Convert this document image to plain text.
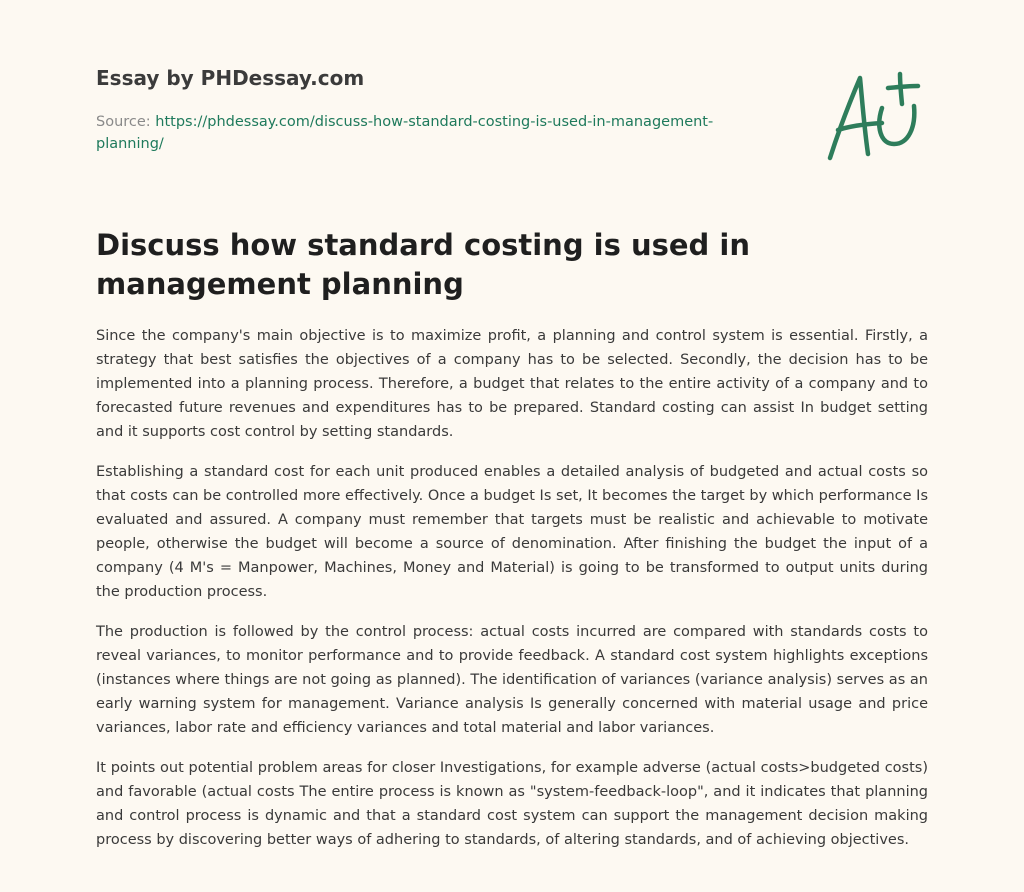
Essay by PHDessay.com
Source: https://phdessay.com/discuss-how-standard-costing-is-used-in-management-planning/
Discuss how standard costing is used in management planning

Since the company's main objective is to maximize profit, a planning and control system is essential. Firstly, a strategy that best satisfies the objectives of a company has to be selected. Secondly, the decision has to be implemented into a planning process. Therefore, a budget that relates to the entire activity of a company and to forecasted future revenues and expenditures has to be prepared. Standard costing can assist In budget setting and it supports cost control by setting standards.

Establishing a standard cost for each unit produced enables a detailed analysis of budgeted and actual costs so that costs can be controlled more effectively. Once a budget Is set, It becomes the target by which performance Is evaluated and assured. A company must remember that targets must be realistic and achievable to motivate people, otherwise the budget will become a source of denomination. After finishing the budget the input of a company (4 M's = Manpower, Machines, Money and Material) is going to be transformed to output units during the production process.

The production is followed by the control process: actual costs incurred are compared with standards costs to reveal variances, to monitor performance and to provide feedback. A standard cost system highlights exceptions (instances where things are not going as planned). The identification of variances (variance analysis) serves as an early warning system for management. Variance analysis Is generally concerned with material usage and price variances, labor rate and efficiency variances and total material and labor variances.

It points out potential problem areas for closer Investigations, for example adverse (actual costs>budgeted costs) and favorable (actual costs The entire process is known as "system-feedback-loop", and it indicates that planning and control process is dynamic and that a standard cost system can support the management decision making process by discovering better ways of adhering to standards, of altering standards, and of achieving objectives.
